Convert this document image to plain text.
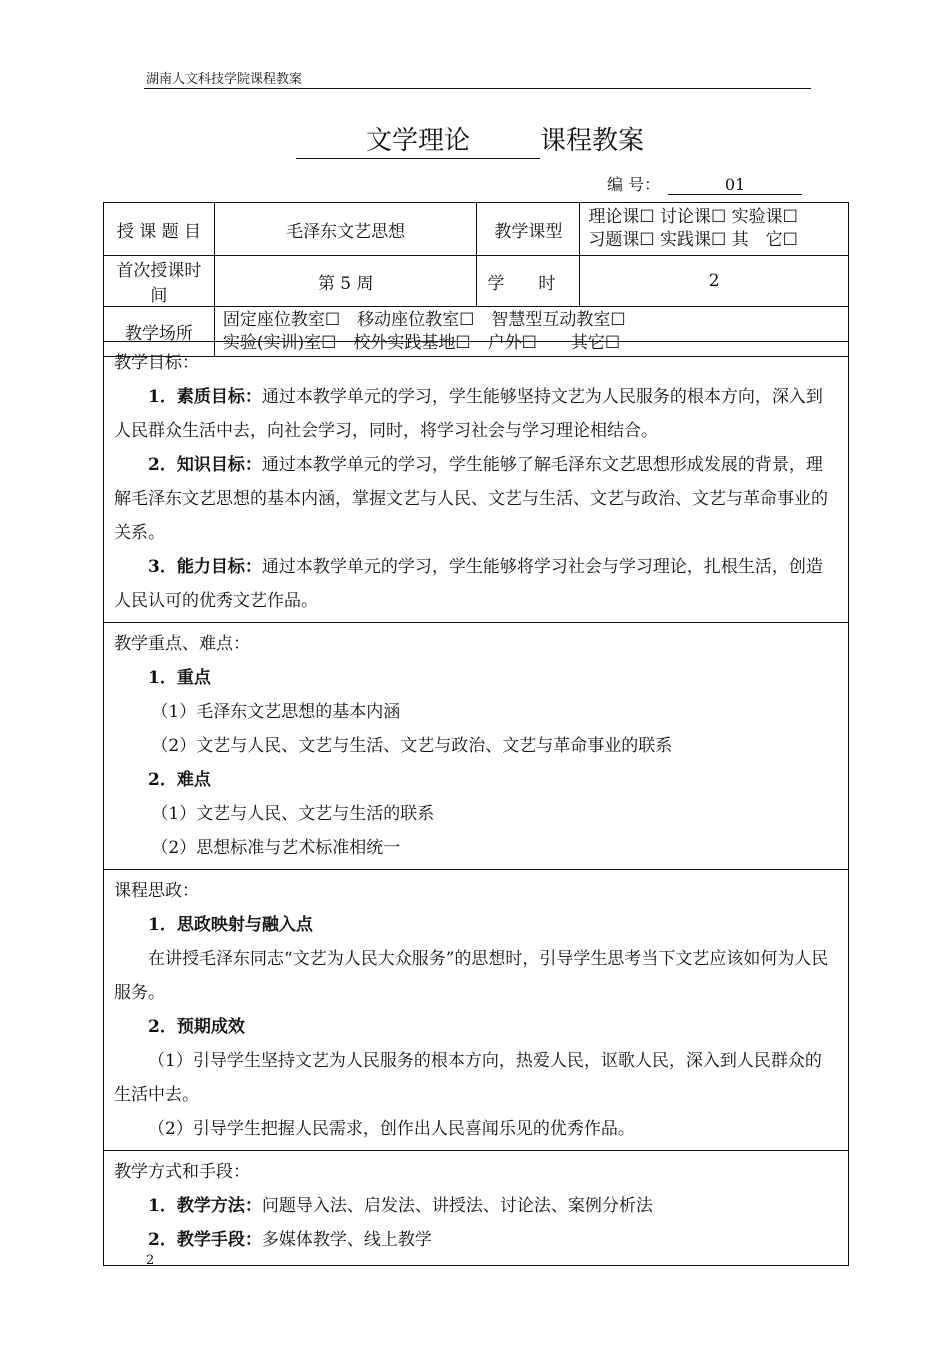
湖南人文科技学院课程教案
文学理论	课程教案
编 号：	01
授 课 题 目	毛泽东文艺思想	教学课型	理论课☐ 讨论课☐ 实验课☐
习题课☐ 实践课☐ 其　它☐

首次授课时间	第 5 周	学　　时	2
教学场所	固定座位教室☐　移动座位教室☐　智慧型互动教室☐
实验(实训)室☐　校外实践基地☐　户外☐　　其它☐		
教学目标：
1．素质目标：通过本教学单元的学习，学生能够坚持文艺为人民服务的根本方向，深入到人民群众生活中去，向社会学习，同时，将学习社会与学习理论相结合。
2．知识目标：通过本教学单元的学习，学生能够了解毛泽东文艺思想形成发展的背景，理解毛泽东文艺思想的基本内涵，掌握文艺与人民、文艺与生活、文艺与政治、文艺与革命事业的关系。
3．能力目标：通过本教学单元的学习，学生能够将学习社会与学习理论，扎根生活，创造人民认可的优秀文艺作品。
教学重点、难点：
1．重点
（1）毛泽东文艺思想的基本内涵
（2）文艺与人民、文艺与生活、文艺与政治、文艺与革命事业的联系
2．难点
（1）文艺与人民、文艺与生活的联系
（2）思想标准与艺术标准相统一
课程思政：
1．思政映射与融入点
在讲授毛泽东同志“文艺为人民大众服务”的思想时，引导学生思考当下文艺应该如何为人民服务。
2．预期成效
（1）引导学生坚持文艺为人民服务的根本方向，热爱人民，讴歌人民，深入到人民群众的生活中去。
（2）引导学生把握人民需求，创作出人民喜闻乐见的优秀作品。
教学方式和手段：
1．教学方法：问题导入法、启发法、讲授法、讨论法、案例分析法
2．教学手段：多媒体教学、线上教学
2
